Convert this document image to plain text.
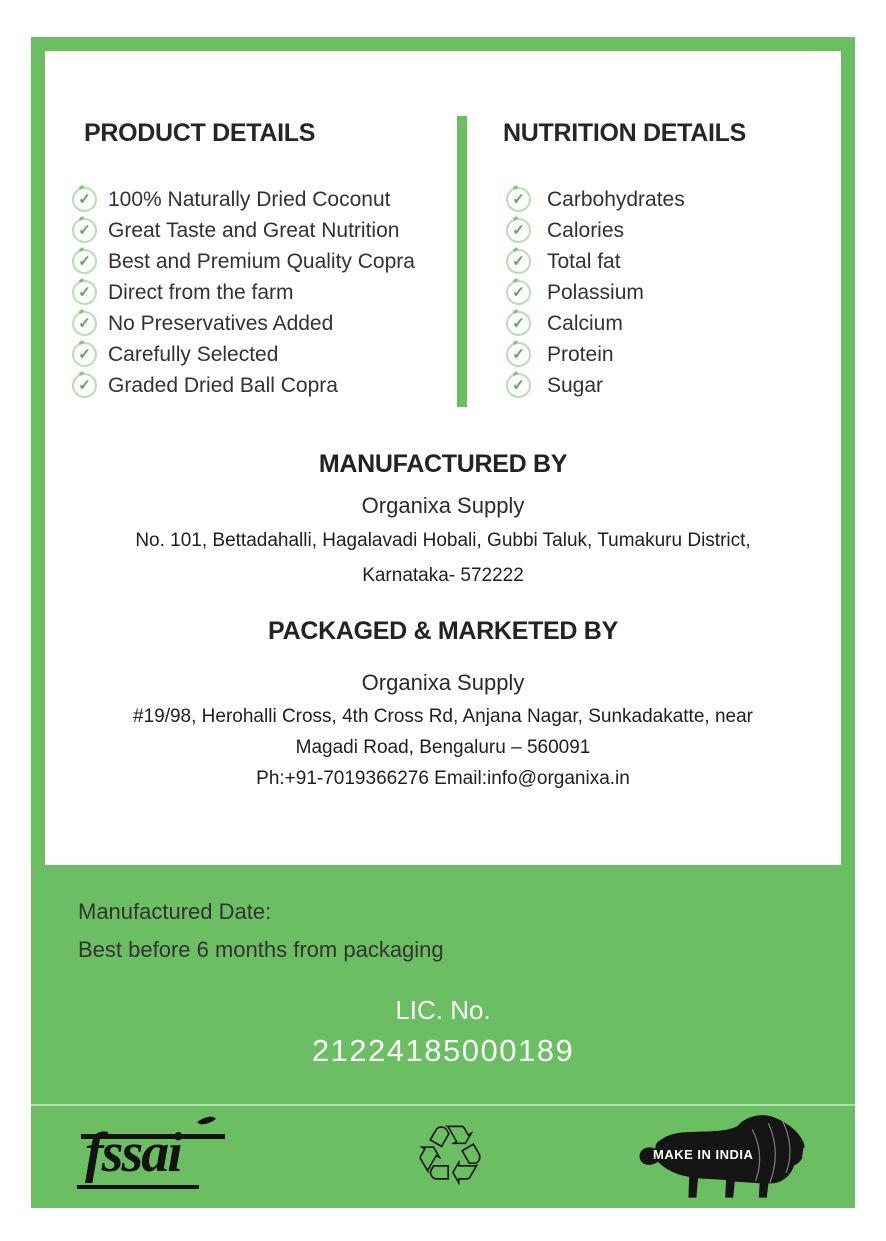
PRODUCT DETAILS	NUTRITION DETAILS
✓ 100% Naturally Dried Coconut
✓ Great Taste and Great Nutrition
✓ Best and Premium Quality Copra
✓ Direct from the farm
✓ No Preservatives Added
✓ Carefully Selected
✓ Graded Dried Ball Copra
✓ Carbohydrates
✓ Calories
✓ Total fat
✓ Polassium
✓ Calcium
✓ Protein
✓ Sugar
MANUFACTURED BY
Organixa Supply
No. 101, Bettadahalli, Hagalavadi Hobali, Gubbi Taluk, Tumakuru District,
Karnataka- 572222
PACKAGED & MARKETED BY
Organixa Supply
#19/98, Herohalli Cross, 4th Cross Rd, Anjana Nagar, Sunkadakatte, near
Magadi Road, Bengaluru – 560091
Ph:+91-7019366276 Email:info@organixa.in
Manufactured Date:
Best before 6 months from packaging
LIC. No.
21224185000189
fssai	♲	MAKE IN INDIA
